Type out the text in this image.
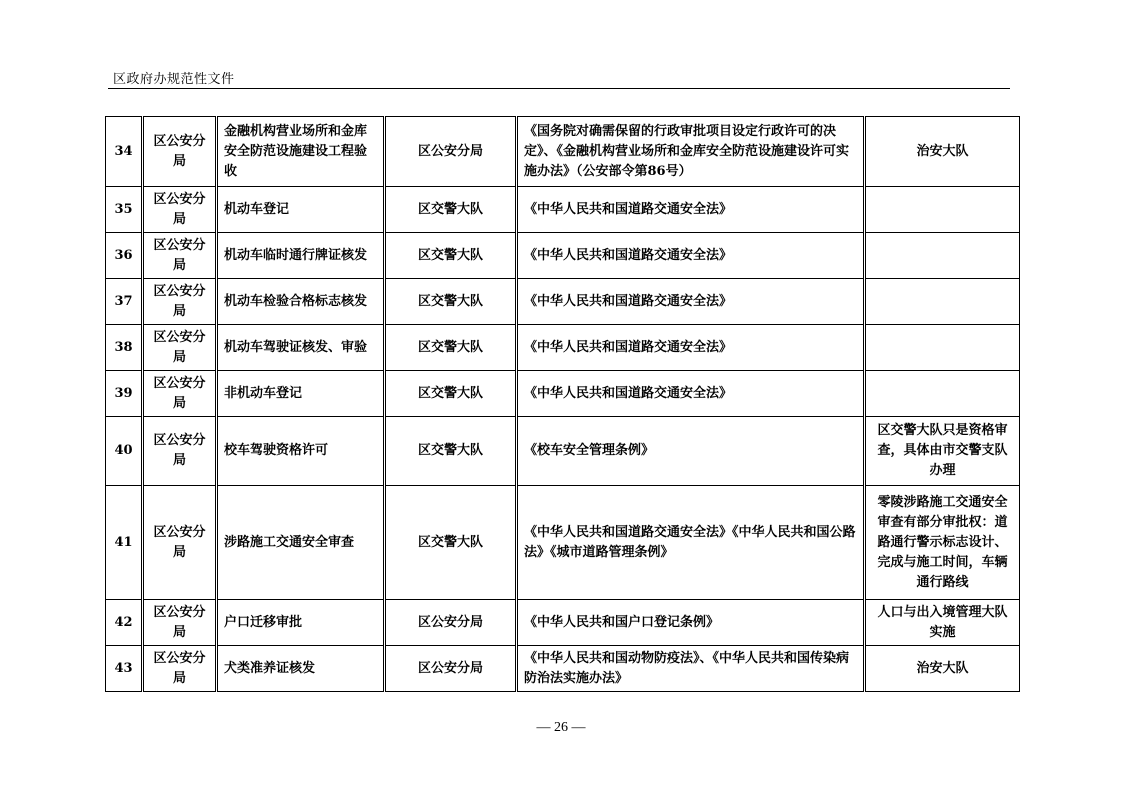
区政府办规范性文件
34	区公安分局	金融机构营业场所和金库安全防范设施建设工程验收	区公安分局	《国务院对确需保留的行政审批项目设定行政许可的决定》、《金融机构营业场所和金库安全防范设施建设许可实施办法》（公安部令第86号）	治安大队
35	区公安分局	机动车登记	区交警大队	《中华人民共和国道路交通安全法》	
36	区公安分局	机动车临时通行牌证核发	区交警大队	《中华人民共和国道路交通安全法》	
37	区公安分局	机动车检验合格标志核发	区交警大队	《中华人民共和国道路交通安全法》	
38	区公安分局	机动车驾驶证核发、审验	区交警大队	《中华人民共和国道路交通安全法》	
39	区公安分局	非机动车登记	区交警大队	《中华人民共和国道路交通安全法》	
40	区公安分局	校车驾驶资格许可	区交警大队	《校车安全管理条例》	区交警大队只是资格审查，具体由市交警支队办理
41	区公安分局	涉路施工交通安全审查	区交警大队	《中华人民共和国道路交通安全法》《中华人民共和国公路法》《城市道路管理条例》	零陵涉路施工交通安全审查有部分审批权：道路通行警示标志设计、完成与施工时间，车辆通行路线
42	区公安分局	户口迁移审批	区公安分局	《中华人民共和国户口登记条例》	人口与出入境管理大队实施
43	区公安分局	犬类准养证核发	区公安分局	《中华人民共和国动物防疫法》、《中华人民共和国传染病防治法实施办法》	治安大队
— 26 —
